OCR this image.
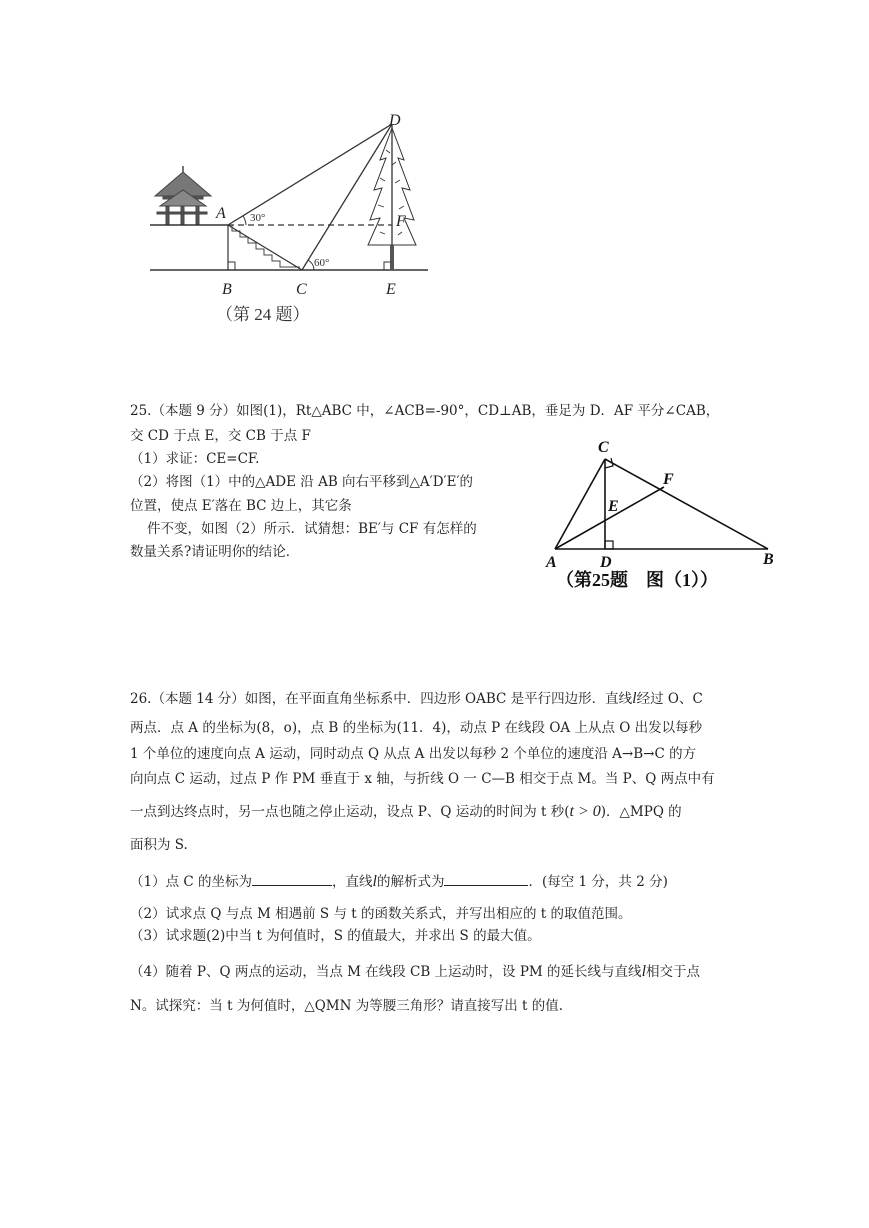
D
A 30°
60°
F
B	C	E
（第 24 题）
25.（本题 9 分）如图(1)，Rt△ABC 中，∠ACB=-90°，CD⊥AB，垂足为 D．AF 平分∠CAB，
交 CD 于点 E，交 CB 于点 F
（1）求证：CE=CF.
（2）将图（1）中的△ADE 沿 AB 向右平移到△A′D′E′的
位置，使点 E′落在 BC 边上，其它条
件不变，如图（2）所示．试猜想：BE′与 CF 有怎样的
数量关系?请证明你的结论．
C
F
E
A	D	B
（第25题　图（1））
26.（本题 14 分）如图，在平面直角坐标系中．四边形 OABC 是平行四边形．直线l经过 O、C
两点．点 A 的坐标为(8，o)，点 B 的坐标为(11．4)，动点 P 在线段 OA 上从点 O 出发以每秒
1 个单位的速度向点 A 运动，同时动点 Q 从点 A 出发以每秒 2 个单位的速度沿 A→B→C 的方
向向点 C 运动，过点 P 作 PM 垂直于 x 轴，与折线 O 一 C—B 相交于点 M。当 P、Q 两点中有
一点到达终点时，另一点也随之停止运动，设点 P、Q 运动的时间为 t 秒(t > 0)．△MPQ 的
面积为 S.
（1）点 C 的坐标为	，直线l的解析式为	．(每空 1 分，共 2 分)
（2）试求点 Q 与点 M 相遇前 S 与 t 的函数关系式，并写出相应的 t 的取值范围。
（3）试求题(2)中当 t 为何值时，S 的值最大，并求出 S 的最大值。
（4）随着 P、Q 两点的运动，当点 M 在线段 CB 上运动时，设 PM 的延长线与直线l相交于点
N。试探究：当 t 为何值时，△QMN 为等腰三角形？请直接写出 t 的值.
